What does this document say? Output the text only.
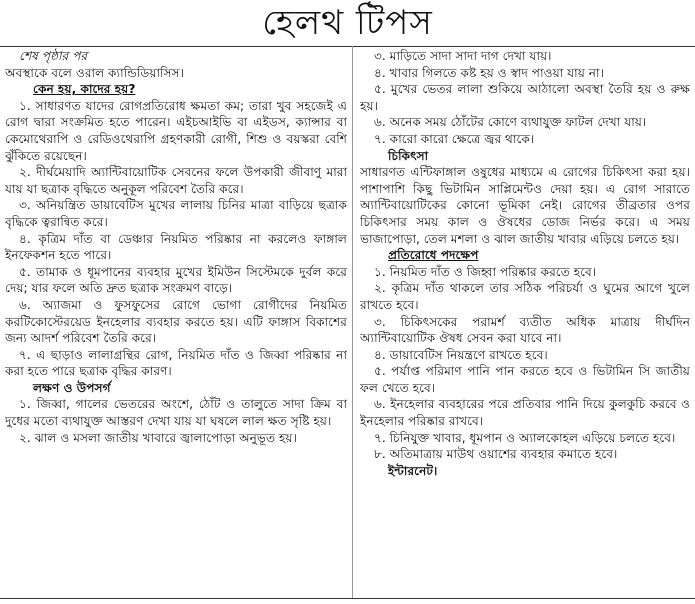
হেলথ টিপস

শেষ পৃষ্ঠার পর

অবস্থাকে বলে ওরাল ক্যান্ডিডিয়াসিস।

কেন হয়, কাদের হয়?

১. সাধারণত যাদের রোগপ্রতিরোধ ক্ষমতা কম; তারা খুব সহজেই এ রোগ দ্বারা সংক্রমিত হতে পারেন। এইচআইভি বা এইডস, ক্যান্সার বা কেমোথেরাপি ও রেডিওথেরাপি গ্রহণকারী রোগী, শিশু ও বয়স্করা বেশি ঝুঁকিতে রয়েছেন।

২. দীর্ঘমেয়াদি অ্যান্টিবায়োটিক সেবনের ফলে উপকারী জীবাণু মারা যায় যা ছত্রাক বৃদ্ধিতে অনুকূল পরিবেশ তৈরি করে।

৩. অনিয়ন্ত্রিত ডায়াবেটিস মুখের লালায় চিনির মাত্রা বাড়িয়ে ছত্রাক বৃদ্ধিকে ত্বরান্বিত করে।

৪. কৃত্রিম দাঁত বা ডেঞ্চার নিয়মিত পরিষ্কার না করলেও ফাঙ্গাল ইনফেকশন হতে পারে।

৫. তামাক ও ধূমপানের ব্যবহার মুখের ইমিউন সিস্টেমকে দুর্বল করে দেয়; যার ফলে অতি দ্রুত ছত্রাক সংক্রমণ বাড়ে।

৬. অ্যাজমা ও ফুসফুসের রোগে ভোগা রোগীদের নিয়মিত করটিকোস্টেরয়েড ইনহেলার ব্যবহার করতে হয়। এটি ফাঙ্গাস বিকাশের জন্য আদর্শ পরিবেশ তৈরি করে।

৭. এ ছাড়াও লালাগ্রন্থির রোগ, নিয়মিত দাঁত ও জিব্বা পরিষ্কার না করা হতে পারে ছত্রাক বৃদ্ধির কারণ।

লক্ষণ ও উপসর্গ

১. জিব্বা, গালের ভেতরের অংশে, ঠোঁট ও তালুতে সাদা ক্রিম বা দুধের মতো ব্যথাযুক্ত আস্তরণ দেখা যায় যা ঘষলে লাল ক্ষত সৃষ্টি হয়।

২. ঝাল ও মসলা জাতীয় খাবারে জ্বালাপোড়া অনুভূত হয়।

৩. মাড়িতে সাদা সাদা দাগ দেখা যায়।

৪. খাবার গিলতে কষ্ট হয় ও স্বাদ পাওয়া যায় না।

৫. মুখের ভেতর লালা শুকিয়ে আঠালো অবস্থা তৈরি হয় ও রুক্ষ হয়।

৬. অনেক সময় ঠোঁটের কোণে ব্যথাযুক্ত ফাটল দেখা যায়।

৭. কারো কারো ক্ষেত্রে জ্বর থাকে।

চিকিৎসা

সাধারণত এন্টিফাঙ্গাল ওষুধের মাধ্যমে এ রোগের চিকিৎসা করা হয়। পাশাপাশি কিছু ভিটামিন সাপ্লিমেন্টও দেয়া হয়। এ রোগ সারাতে অ্যান্টিবায়োটিকের কোনো ভূমিকা নেই। রোগের তীব্রতার ওপর চিকিৎসার সময় কাল ও ঔষধের ডোজ নির্ভর করে। এ সময় ভাজাপোড়া, তেল মশলা ও ঝাল জাতীয় খাবার এড়িয়ে চলতে হয়।

প্রতিরোধে পদক্ষেপ

১. নিয়মিত দাঁত ও জিহ্বা পরিষ্কার করতে হবে।

২. কৃত্রিম দাঁত থাকলে তার সঠিক পরিচর্যা ও ঘুমের আগে খুলে রাখতে হবে।

৩. চিকিৎসকের পরামর্শ ব্যতীত অধিক মাত্রায় দীর্ঘদিন অ্যান্টিবায়োটিক ঔষধ সেবন করা যাবে না।

৪. ডায়াবেটিস নিয়ন্ত্রণে রাখতে হবে।

৫. পর্যাপ্ত পরিমাণ পানি পান করতে হবে ও ভিটামিন সি জাতীয় ফল খেতে হবে।

৬. ইনহেলার ব্যবহারের পরে প্রতিবার পানি দিয়ে কুলকুচি করবে ও ইনহেলার পরিষ্কার রাখবে।

৭. চিনিযুক্ত খাবার, ধূমপান ও অ্যালকোহল এড়িয়ে চলতে হবে।

৮. অতিমাত্রায় মাউথ ওয়াশের ব্যবহার কমাতে হবে।

ইন্টারনেট।
